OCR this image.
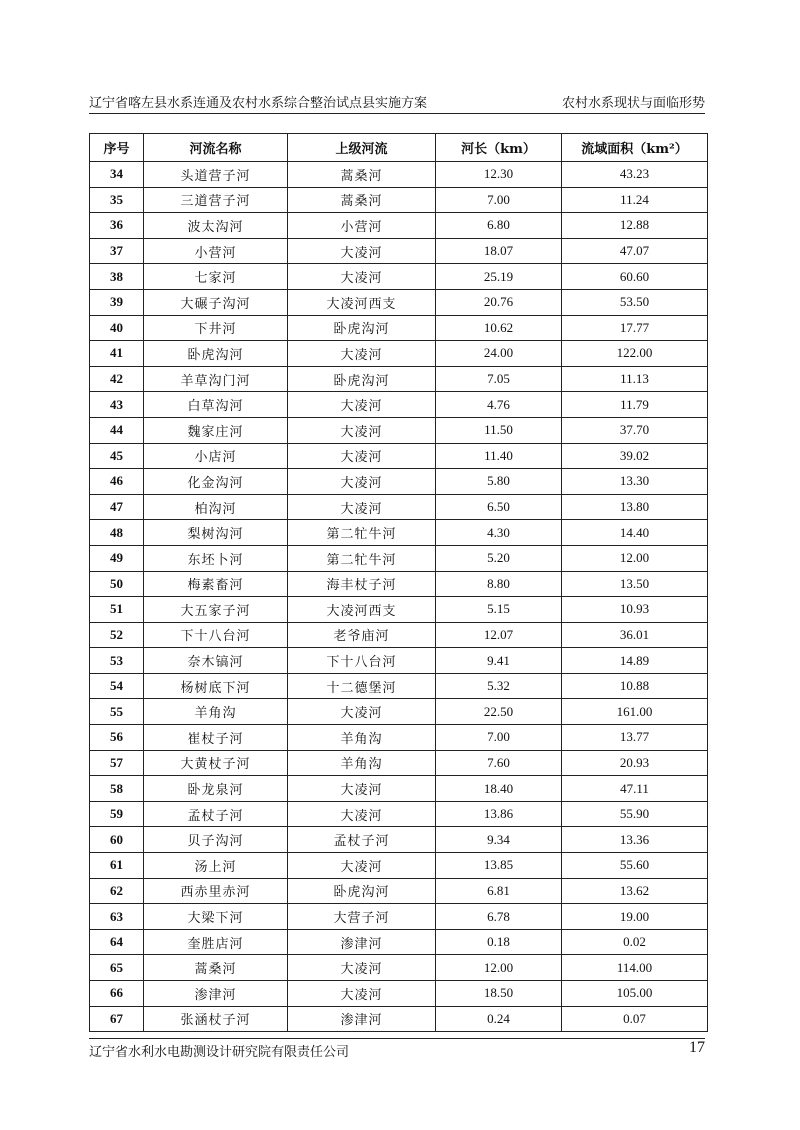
辽宁省喀左县水系连通及农村水系综合整治试点县实施方案	农村水系现状与面临形势
序号	河流名称	上级河流	河长（km）	流域面积（km²）
34	头道营子河	蒿桑河	12.30	43.23
35	三道营子河	蒿桑河	7.00	11.24
36	波太沟河	小营河	6.80	12.88
37	小营河	大凌河	18.07	47.07
38	七家河	大凌河	25.19	60.60
39	大碾子沟河	大凌河西支	20.76	53.50
40	下井河	卧虎沟河	10.62	17.77
41	卧虎沟河	大凌河	24.00	122.00
42	羊草沟门河	卧虎沟河	7.05	11.13
43	白草沟河	大凌河	4.76	11.79
44	魏家庄河	大凌河	11.50	37.70
45	小店河	大凌河	11.40	39.02
46	化金沟河	大凌河	5.80	13.30
47	柏沟河	大凌河	6.50	13.80
48	梨树沟河	第二牤牛河	4.30	14.40
49	东坯卜河	第二牤牛河	5.20	12.00
50	梅素畜河	海丰杖子河	8.80	13.50
51	大五家子河	大凌河西支	5.15	10.93
52	下十八台河	老爷庙河	12.07	36.01
53	奈木镐河	下十八台河	9.41	14.89
54	杨树底下河	十二德堡河	5.32	10.88
55	羊角沟	大凌河	22.50	161.00
56	崔杖子河	羊角沟	7.00	13.77
57	大黄杖子河	羊角沟	7.60	20.93
58	卧龙泉河	大凌河	18.40	47.11
59	孟杖子河	大凌河	13.86	55.90
60	贝子沟河	孟杖子河	9.34	13.36
61	汤上河	大凌河	13.85	55.60
62	西赤里赤河	卧虎沟河	6.81	13.62
63	大梁下河	大营子河	6.78	19.00
64	奎胜店河	渗津河	0.18	0.02
65	蒿桑河	大凌河	12.00	114.00
66	渗津河	大凌河	18.50	105.00
67	张涵杖子河	渗津河	0.24	0.07
辽宁省水利水电勘测设计研究院有限责任公司	17
